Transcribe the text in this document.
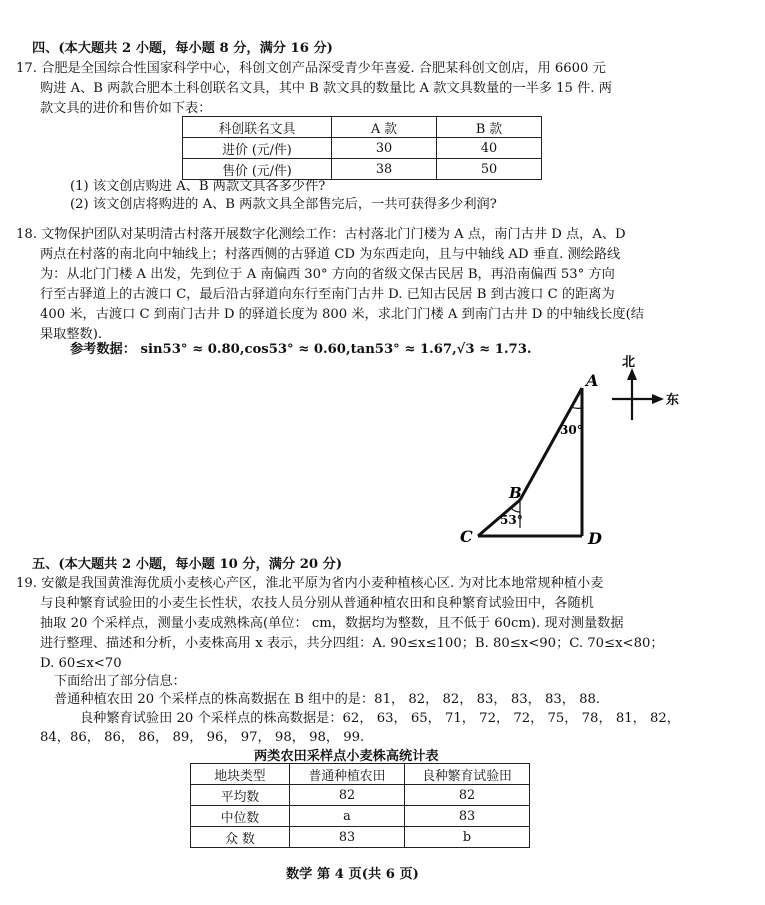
四、(本大题共 2 小题，每小题 8 分，满分 16 分)
17. 合肥是全国综合性国家科学中心，科创文创产品深受青少年喜爱. 合肥某科创文创店，用 6600 元
购进 A、B 两款合肥本土科创联名文具，其中 B 款文具的数量比 A 款文具数量的一半多 15 件. 两
款文具的进价和售价如下表：
科创联名文具	A 款	B 款
进价 (元/件)	30	40
售价 (元/件)	38	50
(1) 该文创店购进 A、B 两款文具各多少件?
(2) 该文创店将购进的 A、B 两款文具全部售完后，一共可获得多少利润?
18. 文物保护团队对某明清古村落开展数字化测绘工作：古村落北门门楼为 A 点，南门古井 D 点，A、D
两点在村落的南北向中轴线上；村落西侧的古驿道 CD 为东西走向，且与中轴线 AD 垂直. 测绘路线
为：从北门门楼 A 出发，先到位于 A 南偏西 30° 方向的省级文保古民居 B，再沿南偏西 53° 方向
行至古驿道上的古渡口 C，最后沿古驿道向东行至南门古井 D. 已知古民居 B 到古渡口 C 的距离为
400 米，古渡口 C 到南门古井 D 的驿道长度为 800 米，求北门门楼 A 到南门古井 D 的中轴线长度(结
果取整数).
参考数据： sin53° ≈ 0.80,cos53° ≈ 0.60,tan53° ≈ 1.67,√3 ≈ 1.73.
A
30°
B
53°
C	D
北
东
五、(本大题共 2 小题，每小题 10 分，满分 20 分)
19. 安徽是我国黄淮海优质小麦核心产区，淮北平原为省内小麦种植核心区. 为对比本地常规种植小麦
与良种繁育试验田的小麦生长性状，农技人员分别从普通种植农田和良种繁育试验田中，各随机
抽取 20 个采样点，测量小麦成熟株高(单位： cm，数据均为整数，且不低于 60cm). 现对测量数据
进行整理、描述和分析，小麦株高用 x 表示，共分四组：A. 90≤x≤100；B. 80≤x<90；C. 70≤x<80；
D. 60≤x<70
下面给出了部分信息：
普通种植农田 20 个采样点的株高数据在 B 组中的是：81， 82， 82， 83， 83， 83， 88.
良种繁育试验田 20 个采样点的株高数据是：62， 63， 65， 71， 72， 72， 75， 78， 81， 82，
84，86， 86， 86， 89， 96， 97， 98， 98， 99.
两类农田采样点小麦株高统计表
地块类型	普通种植农田	良种繁育试验田
平均数	82	82
中位数	a	83
众 数	83	b
数学 第 4 页(共 6 页)
